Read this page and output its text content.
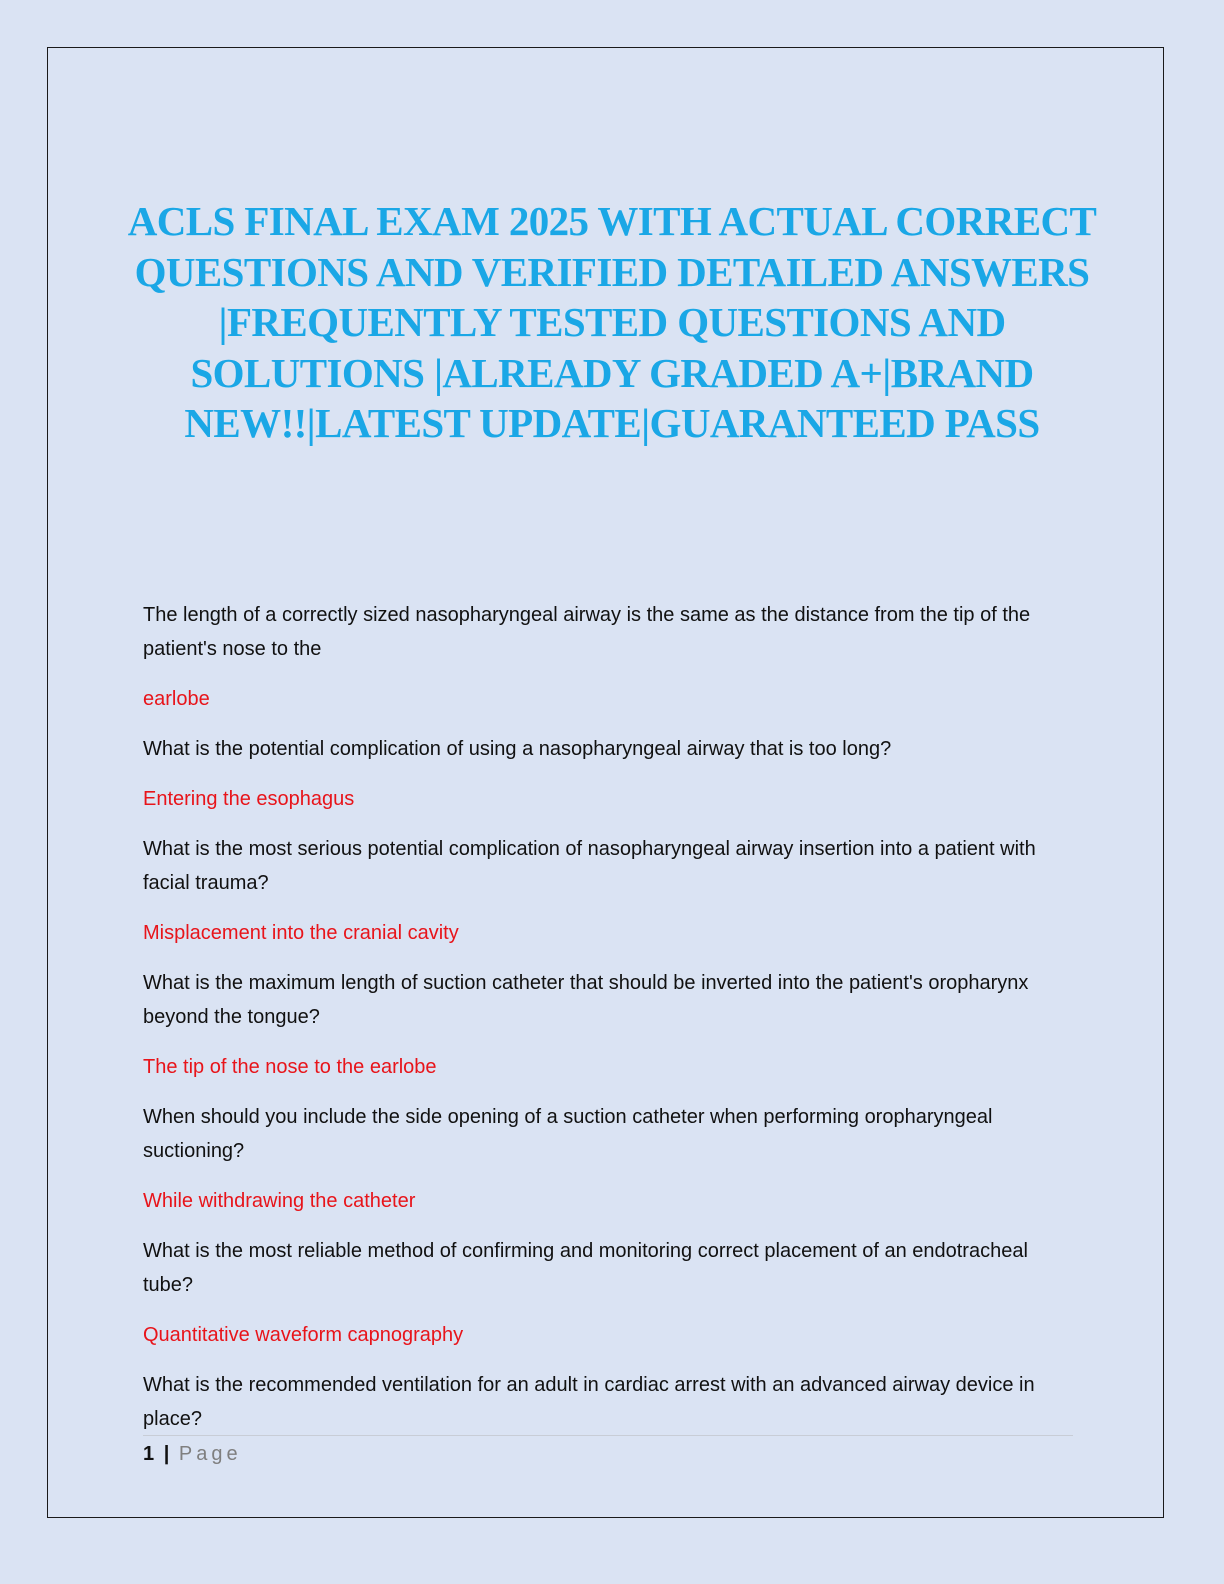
ACLS FINAL EXAM 2025 WITH ACTUAL CORRECT QUESTIONS AND VERIFIED DETAILED ANSWERS |FREQUENTLY TESTED QUESTIONS AND SOLUTIONS |ALREADY GRADED A+|BRAND NEW!!|LATEST UPDATE|GUARANTEED PASS

The length of a correctly sized nasopharyngeal airway is the same as the distance from the tip of the patient's nose to the

earlobe

What is the potential complication of using a nasopharyngeal airway that is too long?

Entering the esophagus

What is the most serious potential complication of nasopharyngeal airway insertion into a patient with facial trauma?

Misplacement into the cranial cavity

What is the maximum length of suction catheter that should be inverted into the patient's oropharynx beyond the tongue?

The tip of the nose to the earlobe

When should you include the side opening of a suction catheter when performing oropharyngeal suctioning?

While withdrawing the catheter

What is the most reliable method of confirming and monitoring correct placement of an endotracheal tube?

Quantitative waveform capnography

What is the recommended ventilation for an adult in cardiac arrest with an advanced airway device in place?

1 | Page
